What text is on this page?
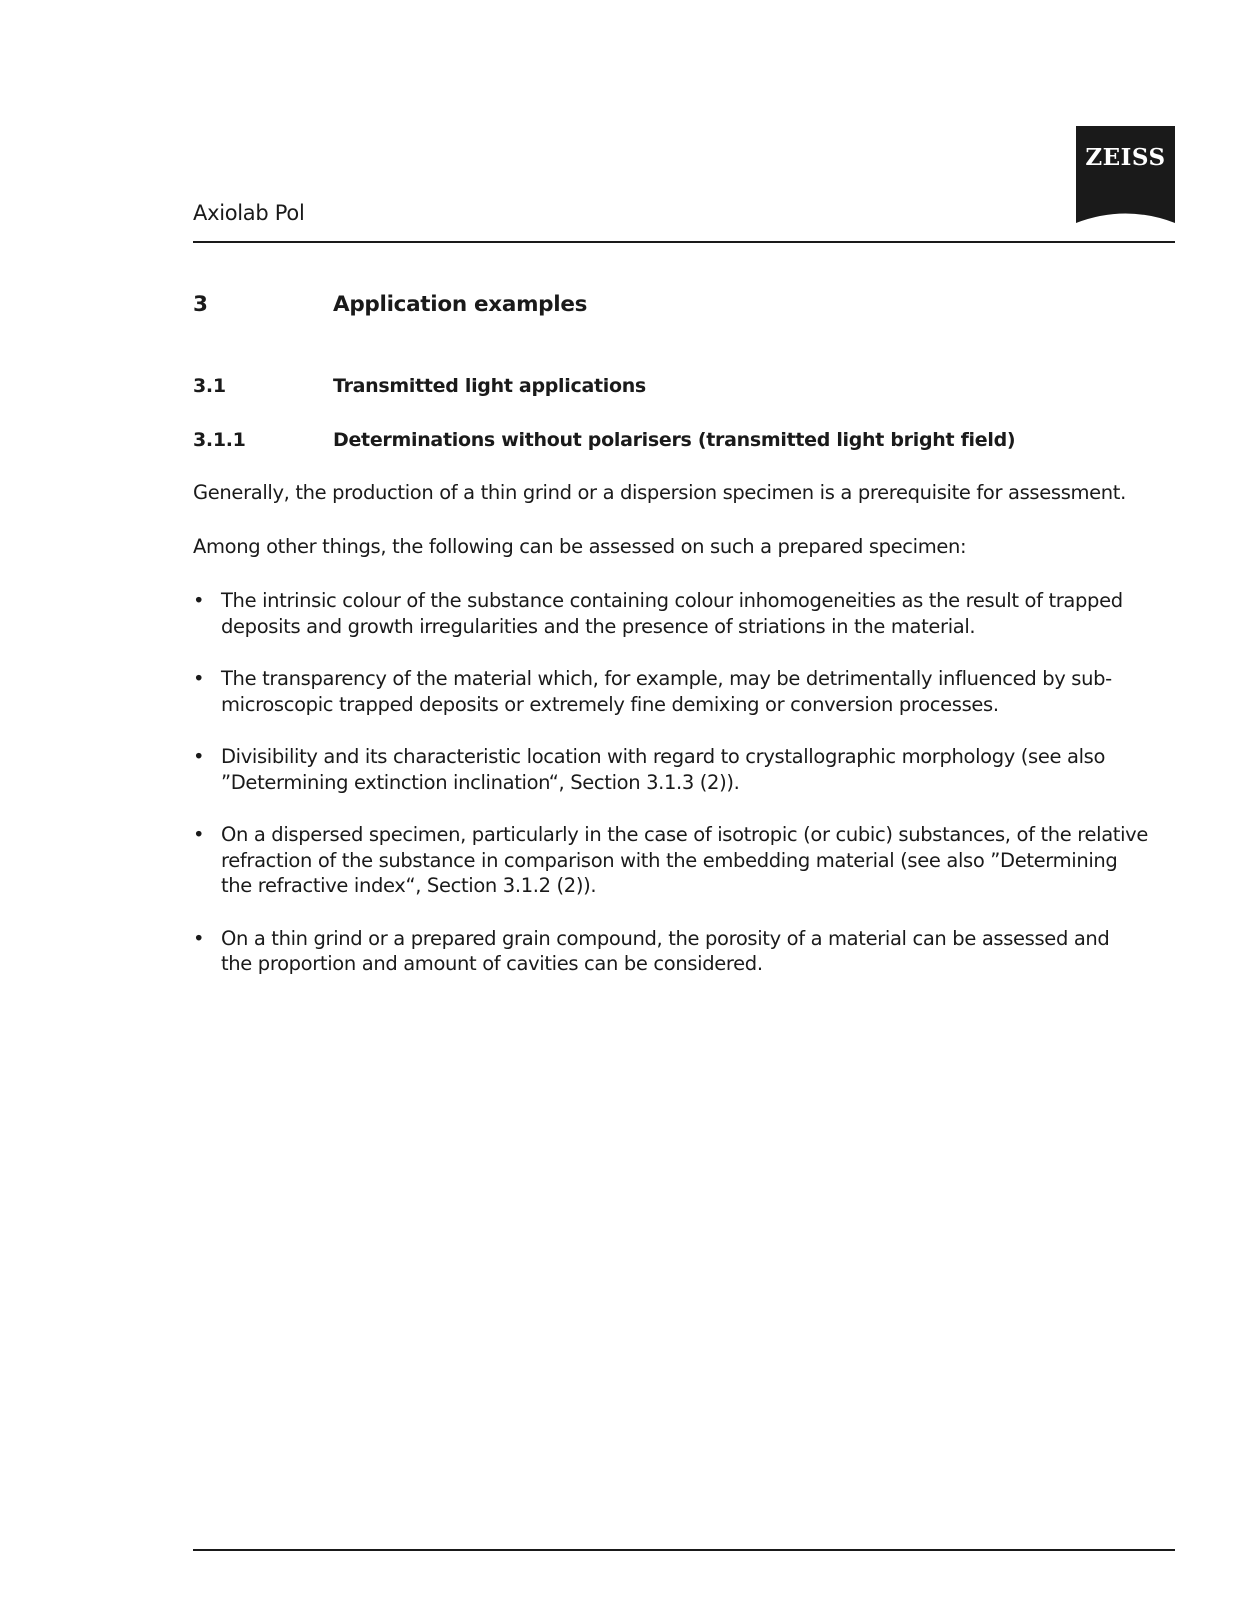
Axiolab Pol
ZEISS
3	Application examples
3.1	Transmitted light applications
3.1.1	Determinations without polarisers (transmitted light bright field)
Generally, the production of a thin grind or a dispersion specimen is a prerequisite for assessment.
Among other things, the following can be assessed on such a prepared specimen:
• The intrinsic colour of the substance containing colour inhomogeneities as the result of trapped
deposits and growth irregularities and the presence of striations in the material.
• The transparency of the material which, for example, may be detrimentally influenced by sub-
microscopic trapped deposits or extremely fine demixing or conversion processes.
• Divisibility and its characteristic location with regard to crystallographic morphology (see also
”Determining extinction inclination“, Section 3.1.3 (2)).
• On a dispersed specimen, particularly in the case of isotropic (or cubic) substances, of the relative
refraction of the substance in comparison with the embedding material (see also ”Determining
the refractive index“, Section 3.1.2 (2)).
• On a thin grind or a prepared grain compound, the porosity of a material can be assessed and
the proportion and amount of cavities can be considered.
